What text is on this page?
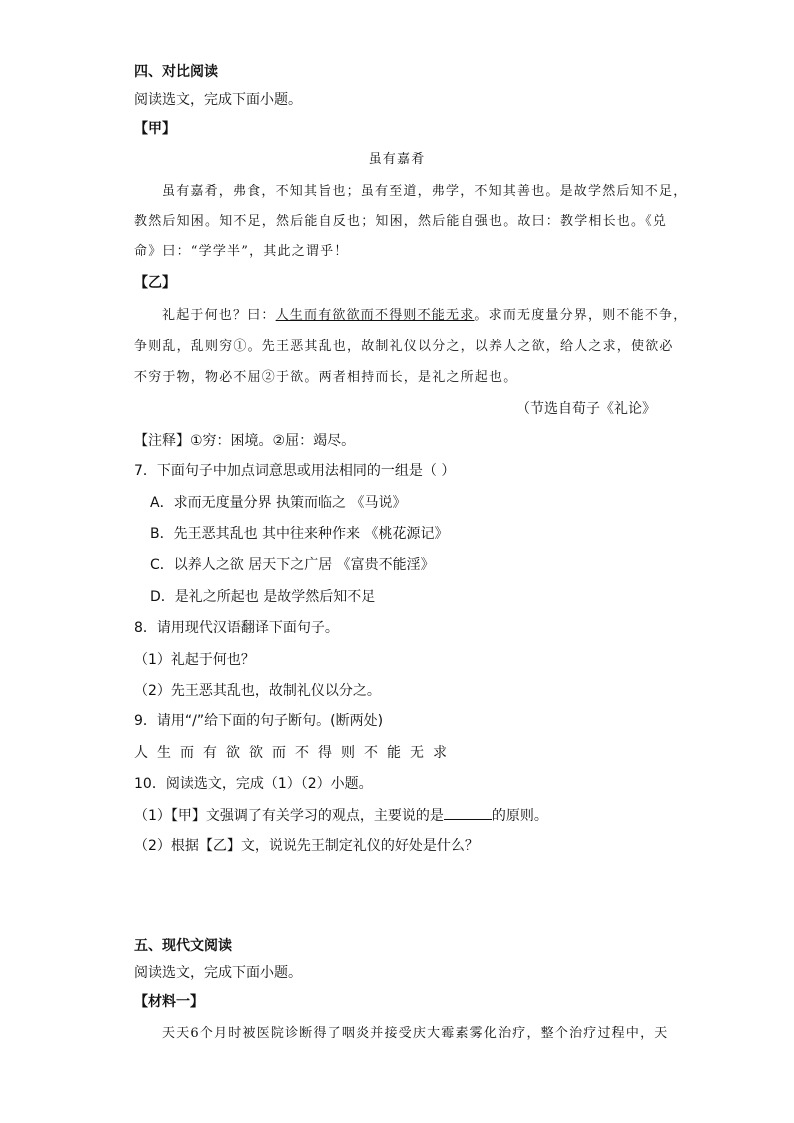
四、对比阅读
阅读选文，完成下面小题。
【甲】
虽有嘉肴
虽有嘉肴，弗食，不知其旨也；虽有至道，弗学，不知其善也。是故学然后知不足，
教然后知困。知不足，然后能自反也；知困，然后能自强也。故曰：教学相长也。《兑
命》曰：“学学半”，其此之谓乎！
【乙】
礼起于何也？曰：人生而有欲欲而不得则不能无求。求而无度量分界，则不能不争，
争则乱，乱则穷①。先王恶其乱也，故制礼仪以分之，以养人之欲，给人之求，使欲必
不穷于物，物必不屈②于欲。两者相持而长，是礼之所起也。
（节选自荀子《礼论》
【注释】①穷：困境。②屈：竭尽。
7．下面句子中加点词意思或用法相同的一组是（ ）
A．求而无度量分界 执策而临之 《马说》
B．先王恶其乱也 其中往来种作来 《桃花源记》
C．以养人之欲 居天下之广居 《富贵不能淫》
D．是礼之所起也 是故学然后知不足
8．请用现代汉语翻译下面句子。
（1）礼起于何也？
（2）先王恶其乱也，故制礼仪以分之。
9．请用“/”给下面的句子断句。(断两处)
人生而有欲欲而不得则不能无求
10．阅读选文，完成（1）（2）小题。
（1）【甲】文强调了有关学习的观点，主要说的是	的原则。
（2）根据【乙】文，说说先王制定礼仪的好处是什么？
五、现代文阅读
阅读选文，完成下面小题。
【材料一】
天天6个月时被医院诊断得了咽炎并接受庆大霉素雾化治疗，整个治疗过程中，天
